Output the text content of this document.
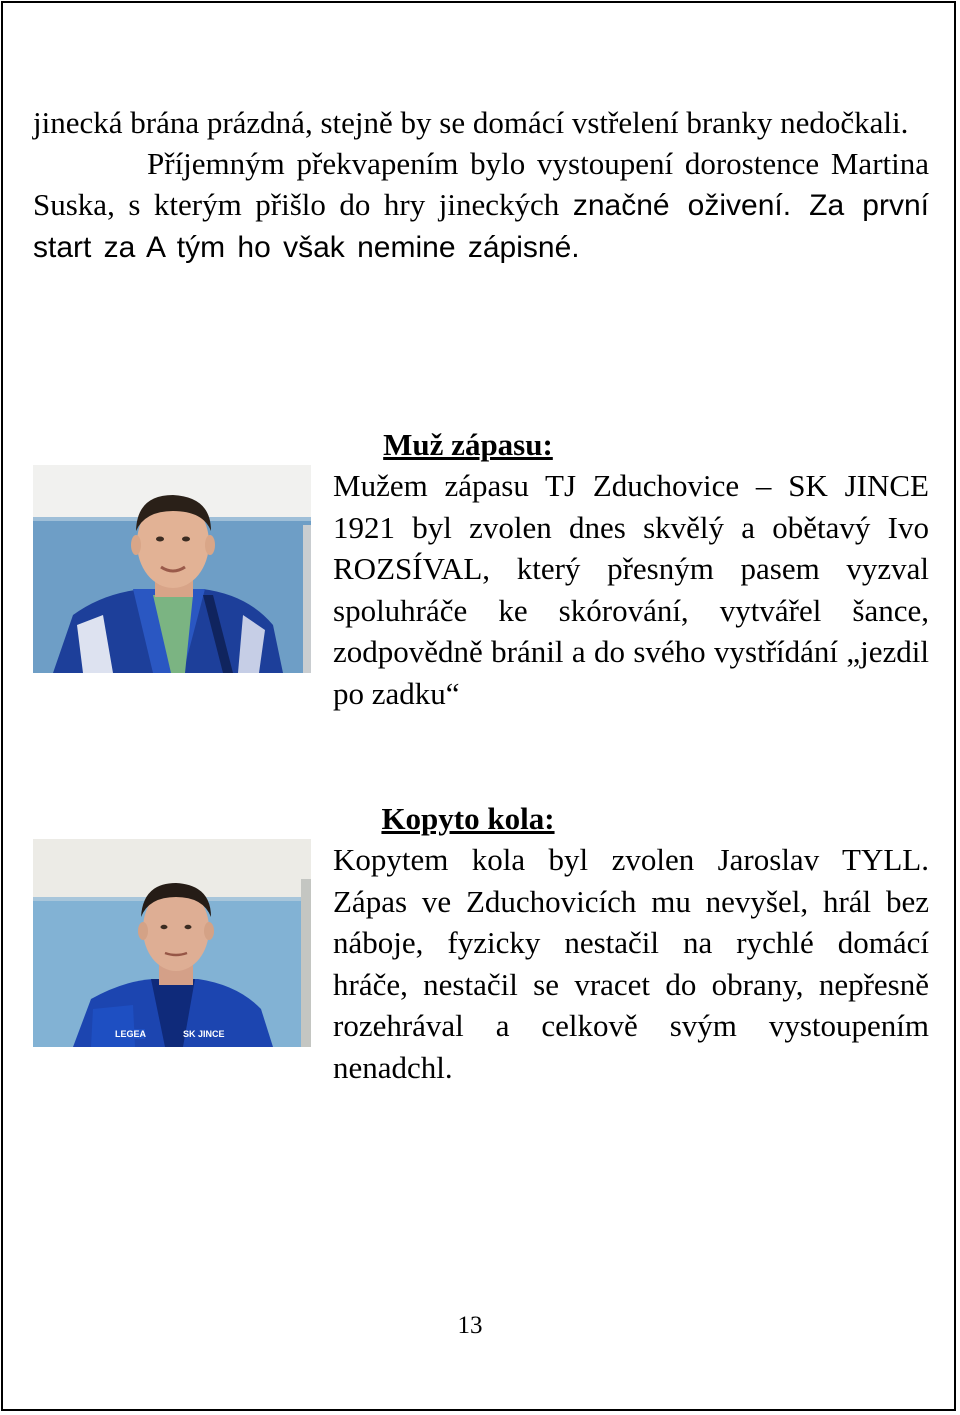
jinecká brána prázdná, stejně by se domácí vstřelení branky nedočkali.

Příjemným překvapením bylo vystoupení dorostence Martina Suska, s kterým přišlo do hry jineckých značné oživení. Za první start za A tým ho však nemine zápisné.

Muž zápasu:

Mužem zápasu TJ Zduchovice – SK JINCE 1921 byl zvolen dnes skvělý a obětavý Ivo ROZSÍVAL, který přesným pasem vyzval spoluhráče ke skórování, vytvářel šance, zodpovědně bránil a do svého vystřídání „jezdil po zadku“

Kopyto kola:
LEGEA	SK JINCE

Kopytem kola byl zvolen Jaroslav TYLL. Zápas ve Zduchovicích mu nevyšel, hrál bez náboje, fyzicky nestačil na rychlé domácí hráče, nestačil se vracet do obrany, nepřesně rozehrával a celkově svým vystoupením nenadchl.

13
